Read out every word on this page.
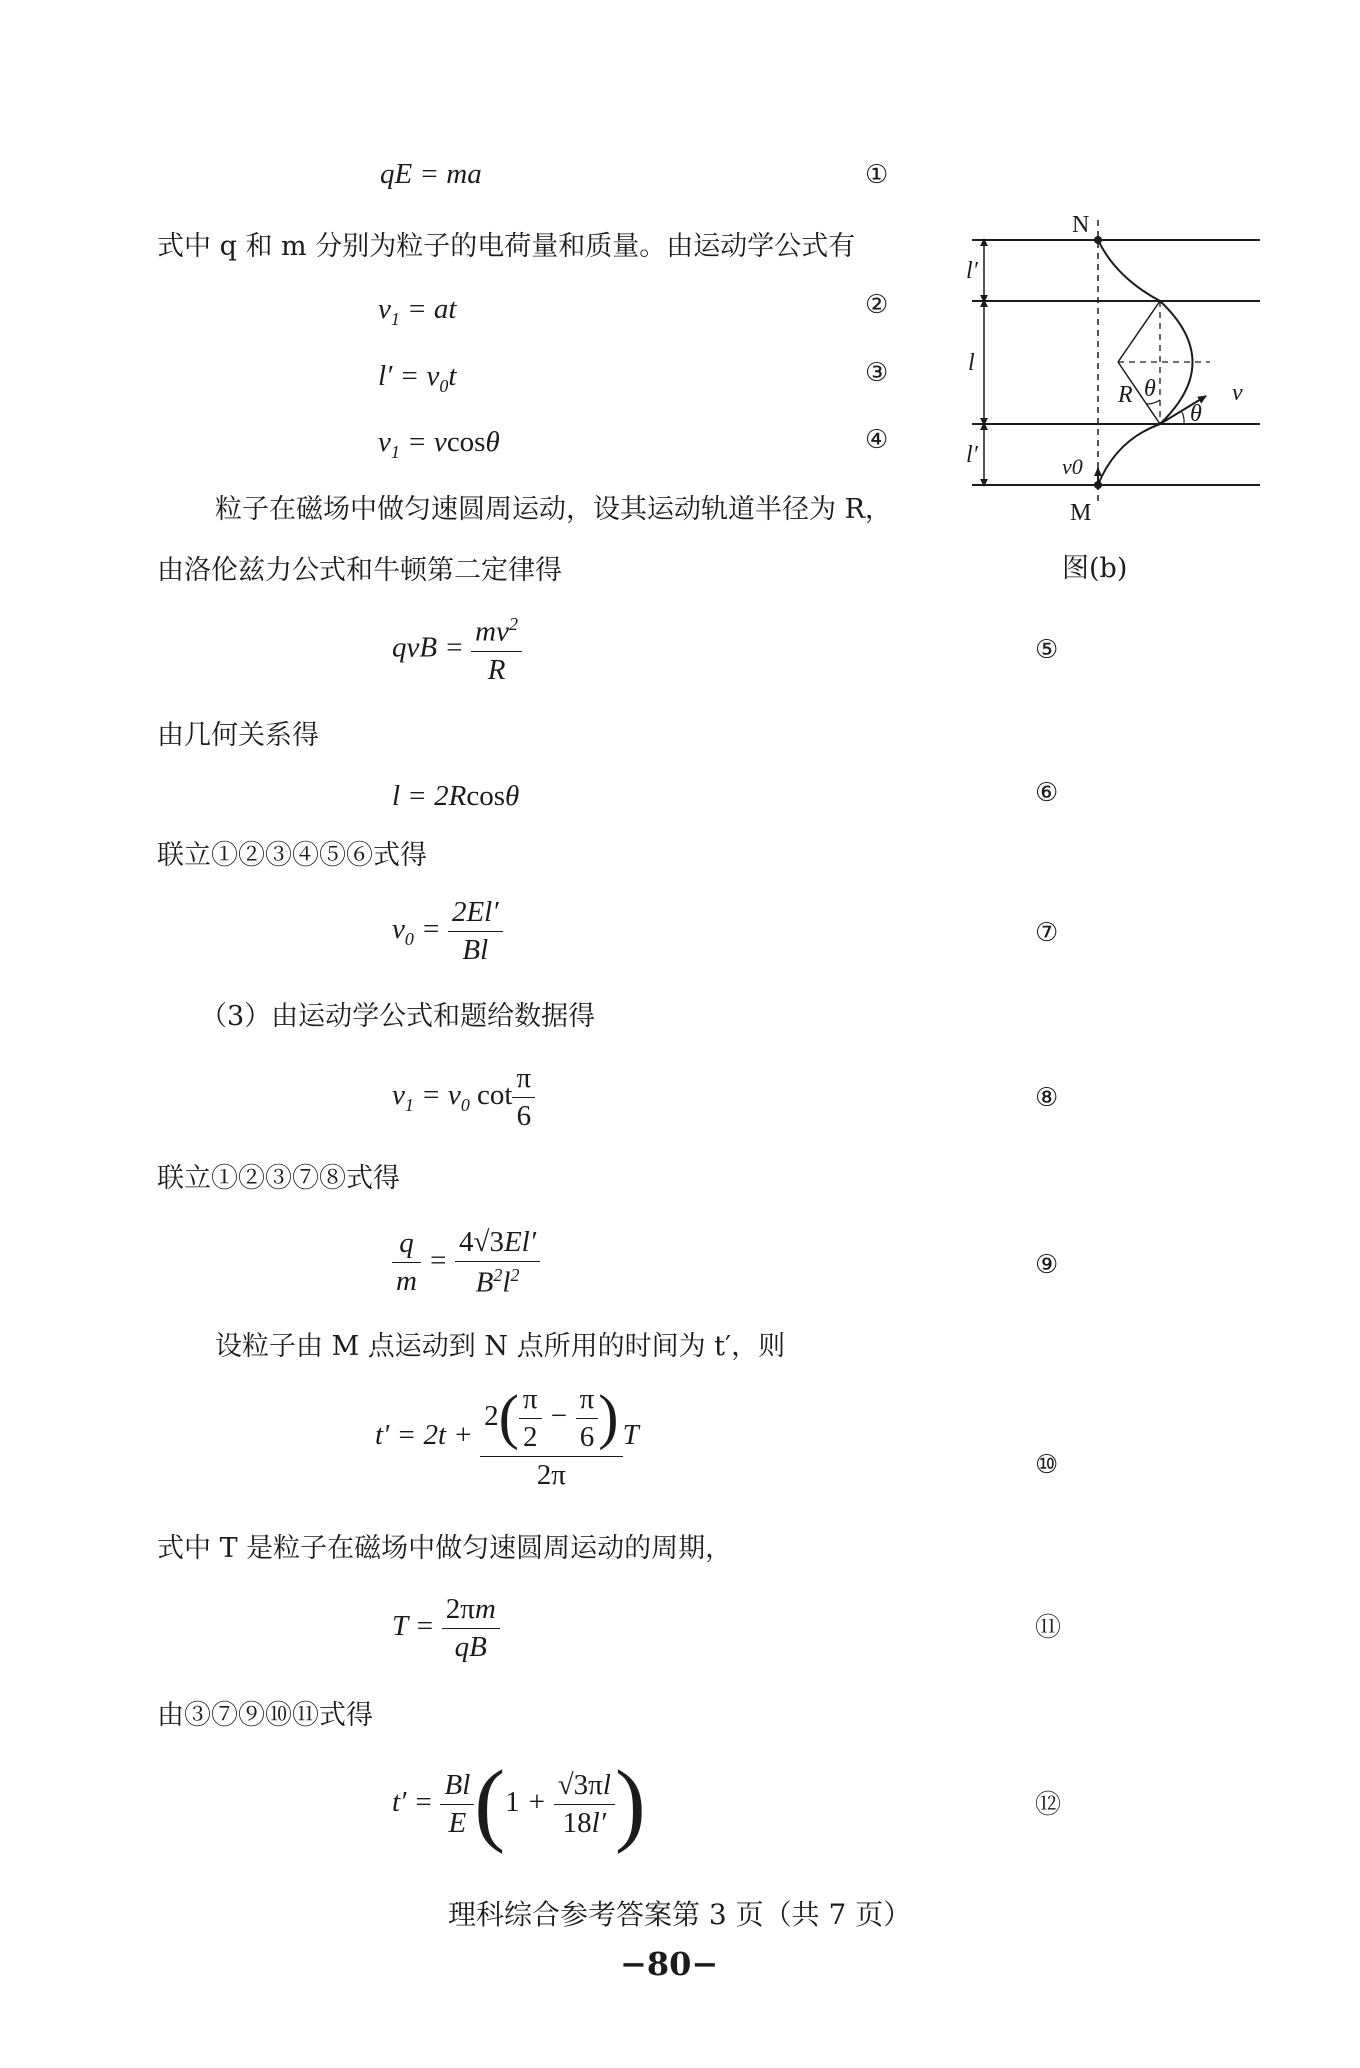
qE = ma	①
式中 q 和 m 分别为粒子的电荷量和质量。由运动学公式有
$v_1$ = at	②
$l' = v_0t$	③
$v_1 = vcos\theta$	④
粒子在磁场中做匀速圆周运动，设其运动轨道半径为 R，
由洛伦兹力公式和牛顿第二定律得
N
M
l′
l
l′
R θ
θ
v
v0
图(b)
qvB = $\frac{mv^2}{R}$	⑤
由几何关系得
l = 2Rcosθ	⑥
联立①②③④⑤⑥式得
$v_0 = \frac{2El'}{Bl}$	⑦
（3）由运动学公式和题给数据得
$v_1 = v_0$ $\cot \frac{\pi}{6}$	⑧
联立①②③⑦⑧式得
$\frac{q}{m} = \frac{4√3El'}{B^2l^2}$	⑨
设粒子由 M 点运动到 N 点所用的时间为 t′，则
$t' = 2t + \frac{2( \frac{\pi}{2} - \frac{\pi}{6} )}{2\pi}$ T
⑩
式中 T 是粒子在磁场中做匀速圆周运动的周期，
$T = \frac{2\pi m}{qB}$	⑪
由③⑦⑨⑩⑪式得
$t' = \frac{Bl}{E} (1 + \frac{√3\pi l}{18l'}$ )	⑫
理科综合参考答案第 3 页（共 7 页）
−80−
